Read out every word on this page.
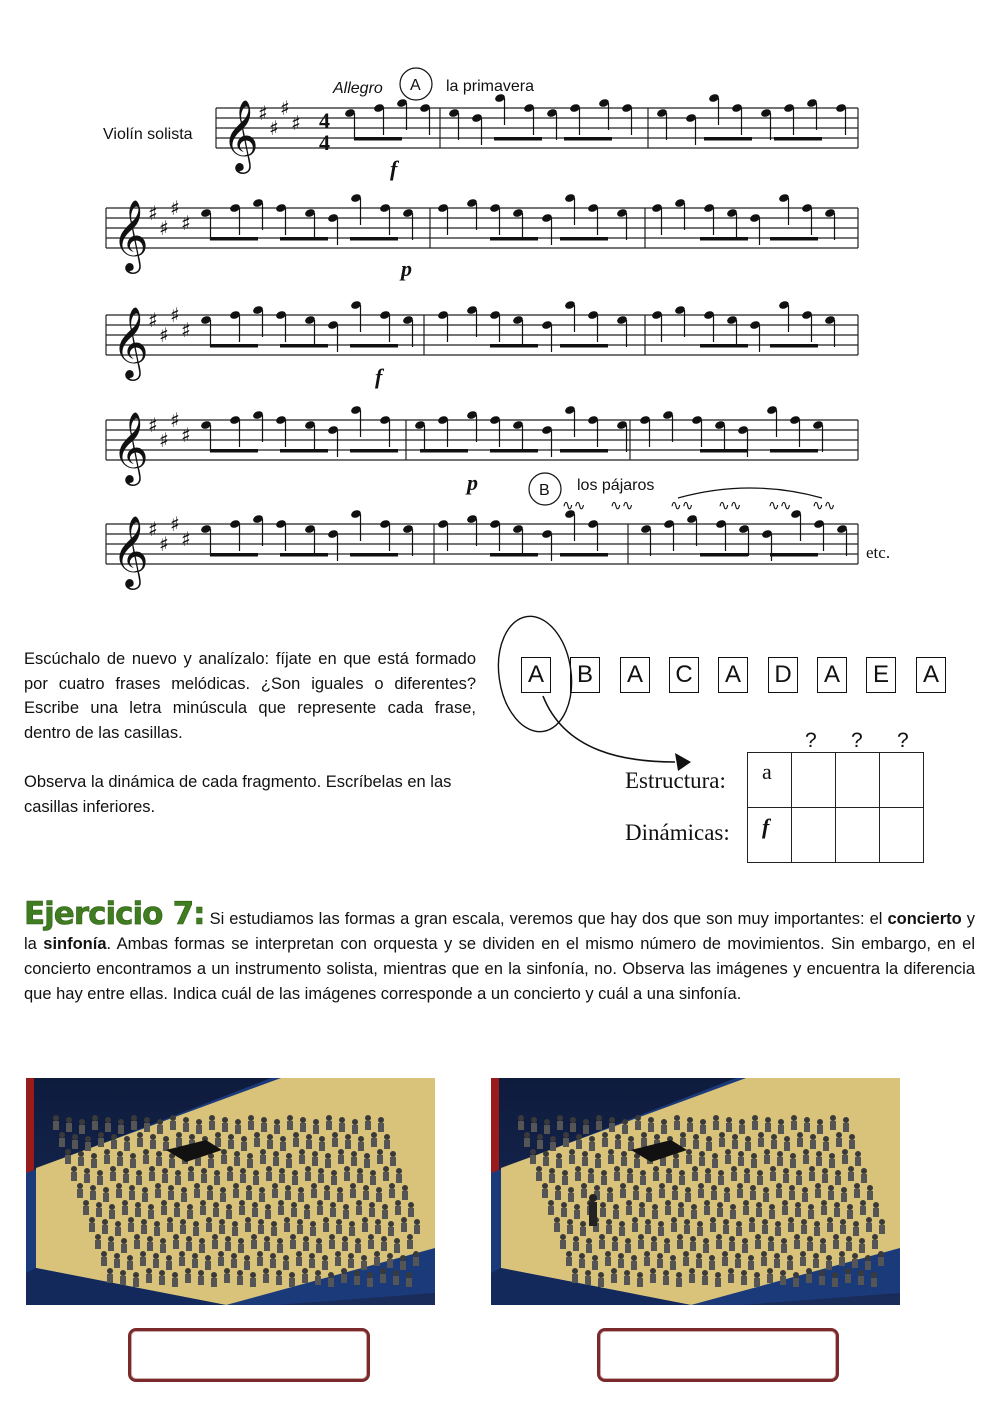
Allegro A la primavera
Violín solista 𝄞 ♯
♯
♯
♯
𝄞 ♯
♯
♯
♯
𝄞 ♯
♯
♯
♯
𝄞 ♯
♯
♯
♯
𝄞 ♯
♯
♯
♯
∿∿ ∿∿	∿∿ ∿∿ ∿∿ ∿∿
4
4
f
p
f
p	B los pájaros
etc.
Escúchalo de nuevo y analízalo: fíjate en que está formado por cuatro frases melódicas. ¿Son iguales o diferentes? Escribe una letra minúscula que represente cada frase, dentro de las casillas.
Observa la dinámica de cada fragmento. Escríbelas en las casillas inferiores.
A B A C A D A E A
? ? ?
Estructura:
Dinámicas:
a			
f			
Ejercicio 7: Si estudiamos las formas a gran escala, veremos que hay dos que son muy importantes: el concierto y la sinfonía. Ambas formas se interpretan con orquesta y se dividen en el mismo número de movimientos. Sin embargo, en el concierto encontramos a un instrumento solista, mientras que en la sinfonía, no. Observa las imágenes y encuentra la diferencia que hay entre ellas. Indica cuál de las imágenes corresponde a un concierto y cuál a una sinfonía.
